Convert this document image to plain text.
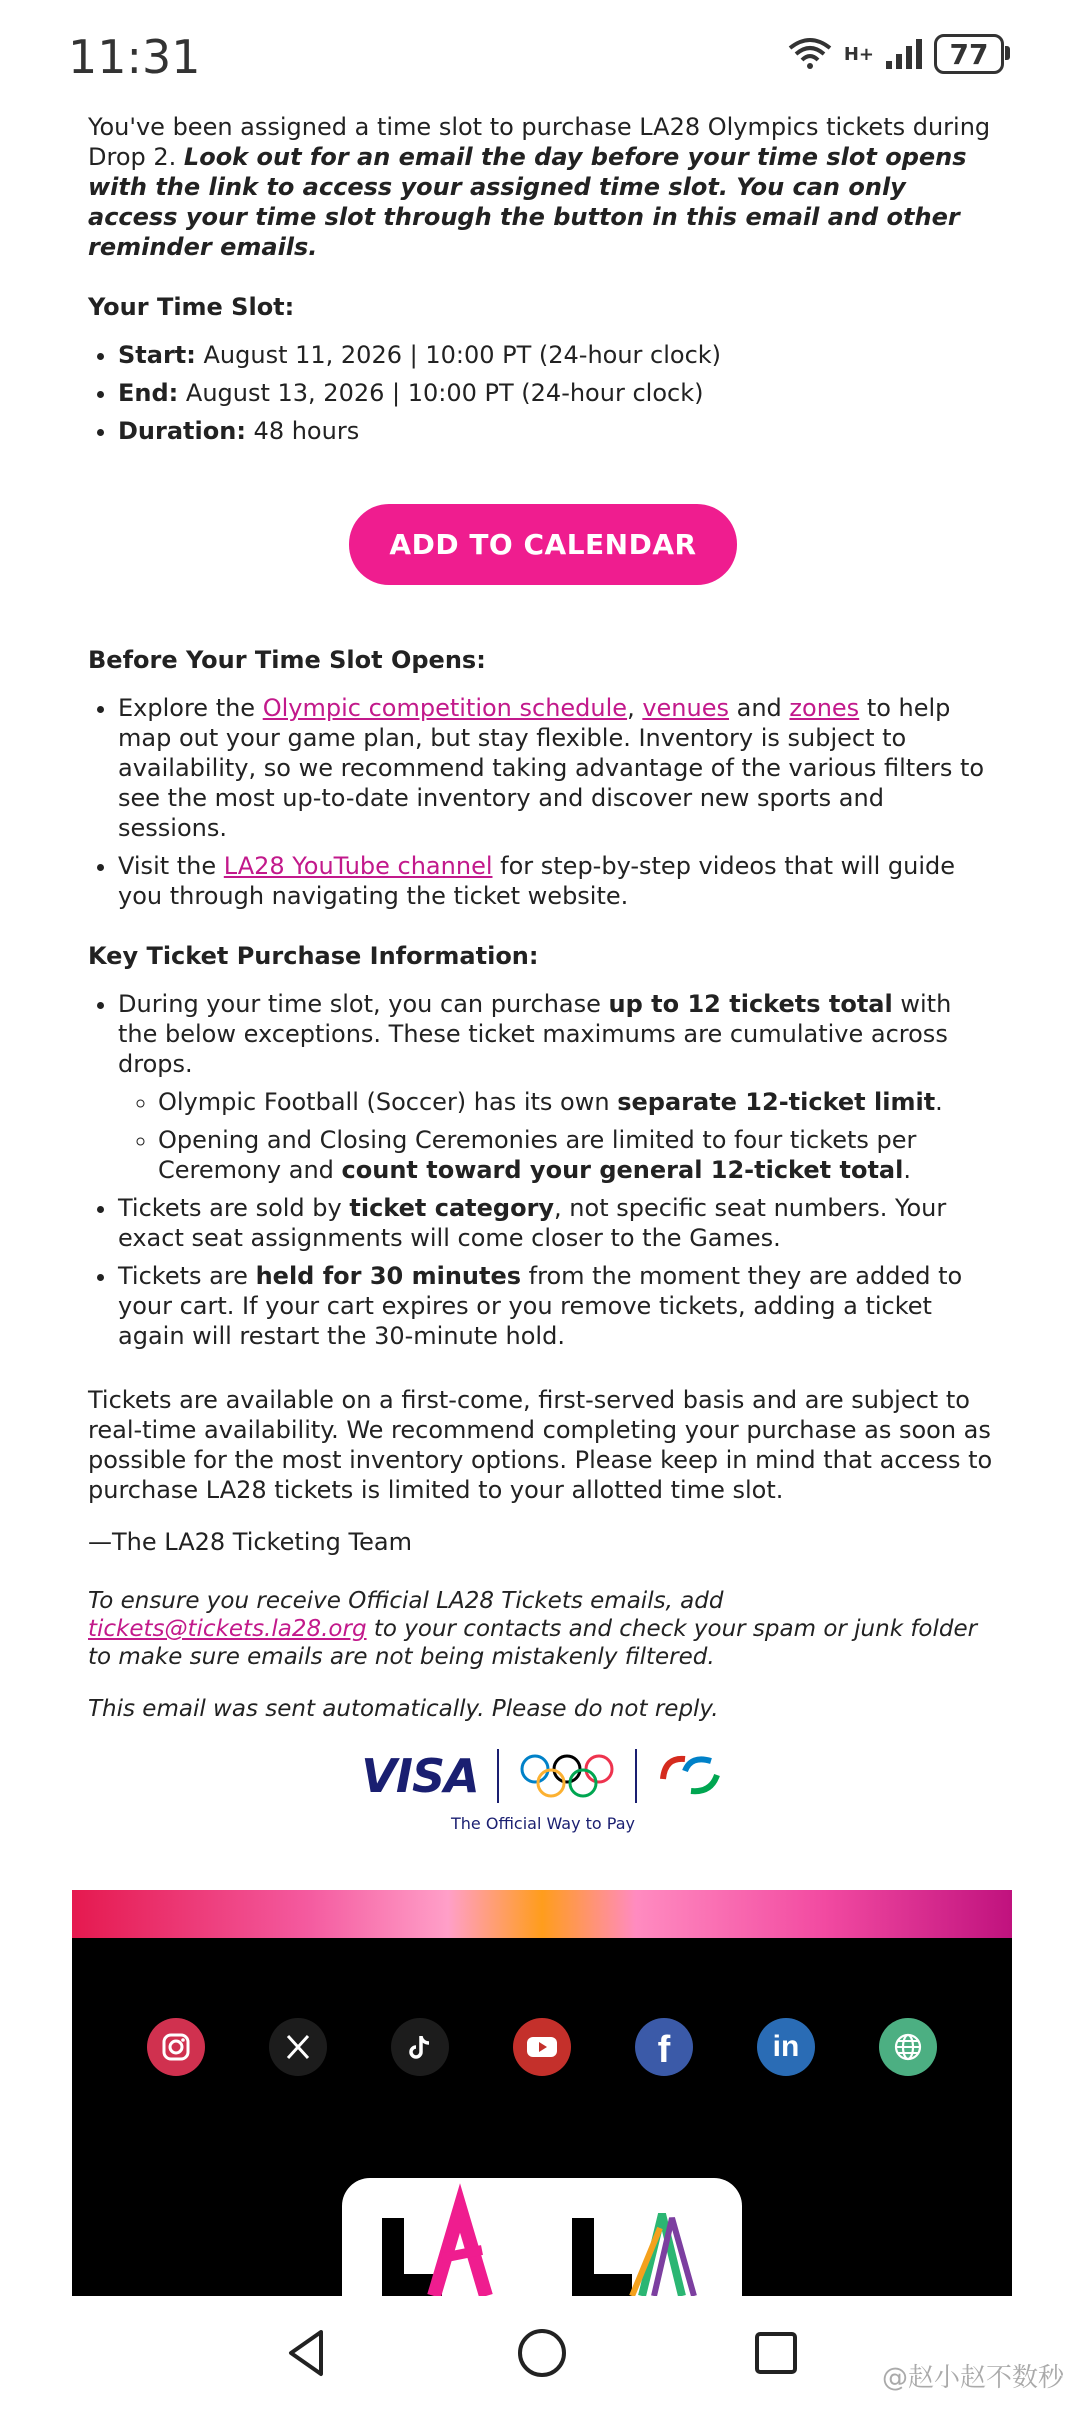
11:31	H+	77

You've been assigned a time slot to purchase LA28 Olympics tickets during Drop 2. Look out for an email the day before your time slot opens with the link to access your assigned time slot. You can only access your time slot through the button in this email and other reminder emails.

Your Time Slot:

• Start: August 11, 2026 | 10:00 PT (24-hour clock)
• End: August 13, 2026 | 10:00 PT (24-hour clock)
• Duration: 48 hours
ADD TO CALENDAR

Before Your Time Slot Opens:

• Explore the Olympic competition schedule, venues and zones to help map out your game plan, but stay flexible. Inventory is subject to availability, so we recommend taking advantage of the various filters to see the most up-to-date inventory and discover new sports and sessions.
• Visit the LA28 YouTube channel for step-by-step videos that will guide you through navigating the ticket website.

Key Ticket Purchase Information:

• During your time slot, you can purchase up to 12 tickets total with the below exceptions. These ticket maximums are cumulative across drops.
◦ Olympic Football (Soccer) has its own separate 12-ticket limit.
◦ Opening and Closing Ceremonies are limited to four tickets per Ceremony and count toward your general 12-ticket total.
• Tickets are sold by ticket category, not specific seat numbers. Your exact seat assignments will come closer to the Games.
• Tickets are held for 30 minutes from the moment they are added to your cart. If your cart expires or you remove tickets, adding a ticket again will restart the 30-minute hold.

Tickets are available on a first-come, first-served basis and are subject to real-time availability. We recommend completing your purchase as soon as possible for the most inventory options. Please keep in mind that access to purchase LA28 tickets is limited to your allotted time slot.

—The LA28 Ticketing Team

To ensure you receive Official LA28 Tickets emails, add tickets@tickets.la28.org to your contacts and check your spam or junk folder to make sure emails are not being mistakenly filtered.

This email was sent automatically. Please do not reply.

VISA
The Official Way to Pay
f	in
@赵小赵不数秒
